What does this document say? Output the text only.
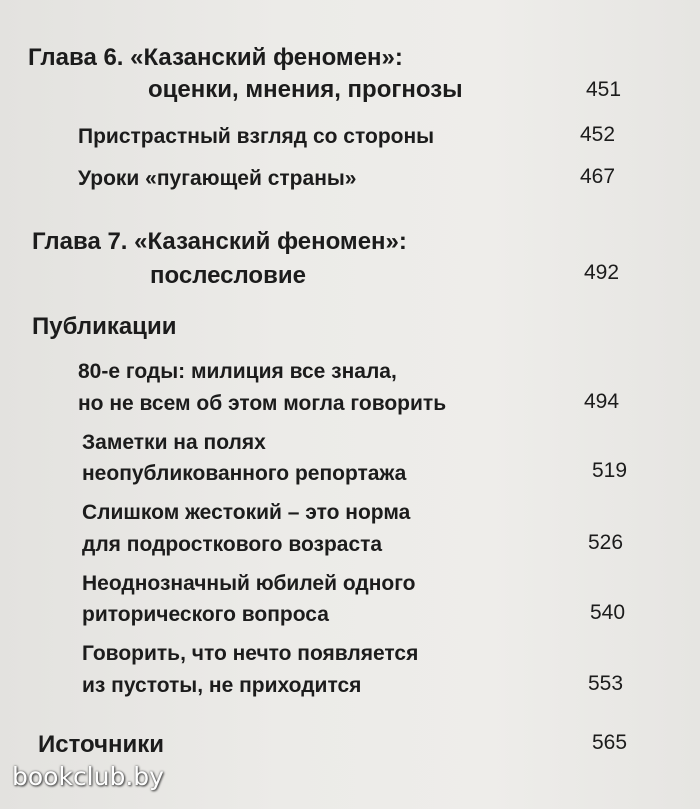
Глава 6. «Казанский феномен»:
оценки, мнения, прогнозы	451
Пристрастный взгляд со стороны	452
Уроки «пугающей страны»	467
Глава 7. «Казанский феномен»:
послесловие	492
Публикации
80-е годы: милиция все знала,
но не всем об этом могла говорить	494
Заметки на полях
неопубликованного репортажа	519
Слишком жестокий – это норма
для подросткового возраста	526
Неоднозначный юбилей одного
риторического вопроса	540
Говорить, что нечто появляется
из пустоты, не приходится	553
Источники	565
bookclub.by
